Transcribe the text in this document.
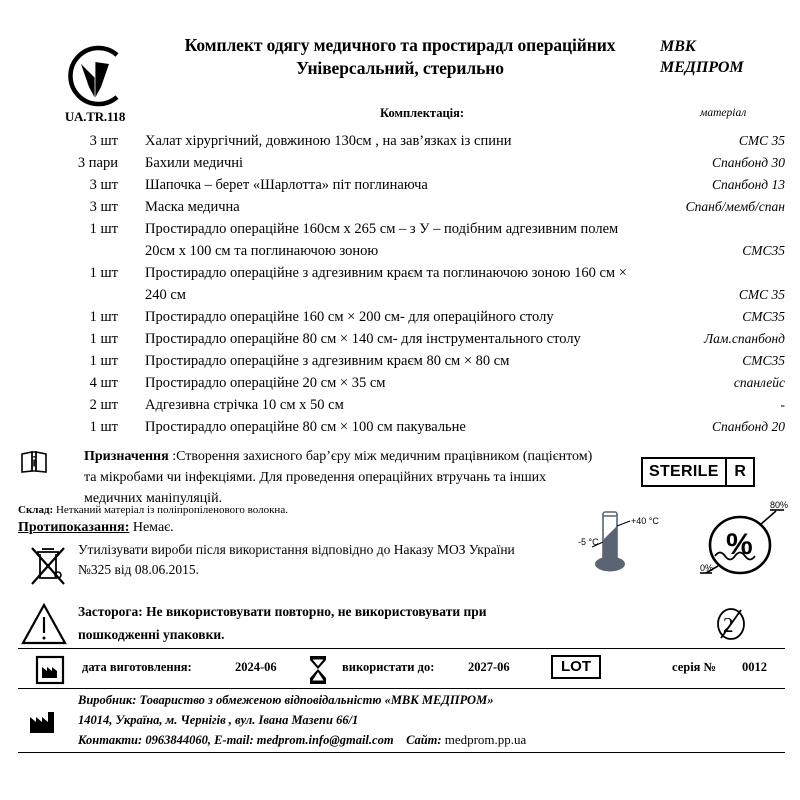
UA.TR.118
Комплект одягу медичного та простирадл операційних
Універсальний, стерильно
МВК
МЕДПРОМ
Комплектація:	матеріал
3 шт	Халат хірургічний, довжиною 130см , на зав’язках із спини	СМС 35
3 пари	Бахили медичні	Спанбонд 30
3 шт	Шапочка – берет «Шарлотта» піт поглинаюча	Спанбонд 13
3 шт	Маска медична	Спанб/мемб/спан
1 шт	Простирадло операційне 160см х 265 см – з У – подібним адгезивним полем 20см х 100 см та поглинаючою зоною	СМС35
1 шт	Простирадло операційне з адгезивним краєм та поглинаючою зоною 160 см × 240 см	СМС 35
1 шт	Простирадло операційне 160 см × 200 см- для операційного столу	СМС35
1 шт	Простирадло операційне 80 см × 140 см- для інструментального столу	Лам.спанбонд
1 шт	Простирадло операційне з адгезивним краєм 80 см × 80 см	СМС35
4 шт	Простирадло операційне 20 см × 35 см	спанлейс
2 шт	Адгезивна стрічка 10 см х 50 см	-
1 шт	Простирадло операційне 80 см × 100 см пакувальне	Спанбонд 20
Призначення :Створення захисного бар’єру між медичним працівником (пацієнтом) та мікробами чи інфекціями. Для проведення операційних втручань та інших медичних маніпуляцій.
Склад: Нетканий матеріал із поліпропіленового волокна.
Протипоказання: Немає.
STERILE R
+40 °C
-5 °C	%
80%
0%
Утилізувати вироби після використання відповідно до Наказу МОЗ України №325 від 08.06.2015.
Засторога: Не використовувати повторно, не використовувати при пошкодженні упаковки.	2
дата виготовлення:	2024-06	використати до:	2027-06	LOT	серія № 0012
Виробник: Товариство з обмеженою відповідальністю «МВК МЕДПРОМ»
14014, Україна, м. Чернігів , вул. Івана Мазепи 66/1
Контакти: 0963844060, E-mail: medprom.info@gmail.com Сайт: medprom.pp.ua
